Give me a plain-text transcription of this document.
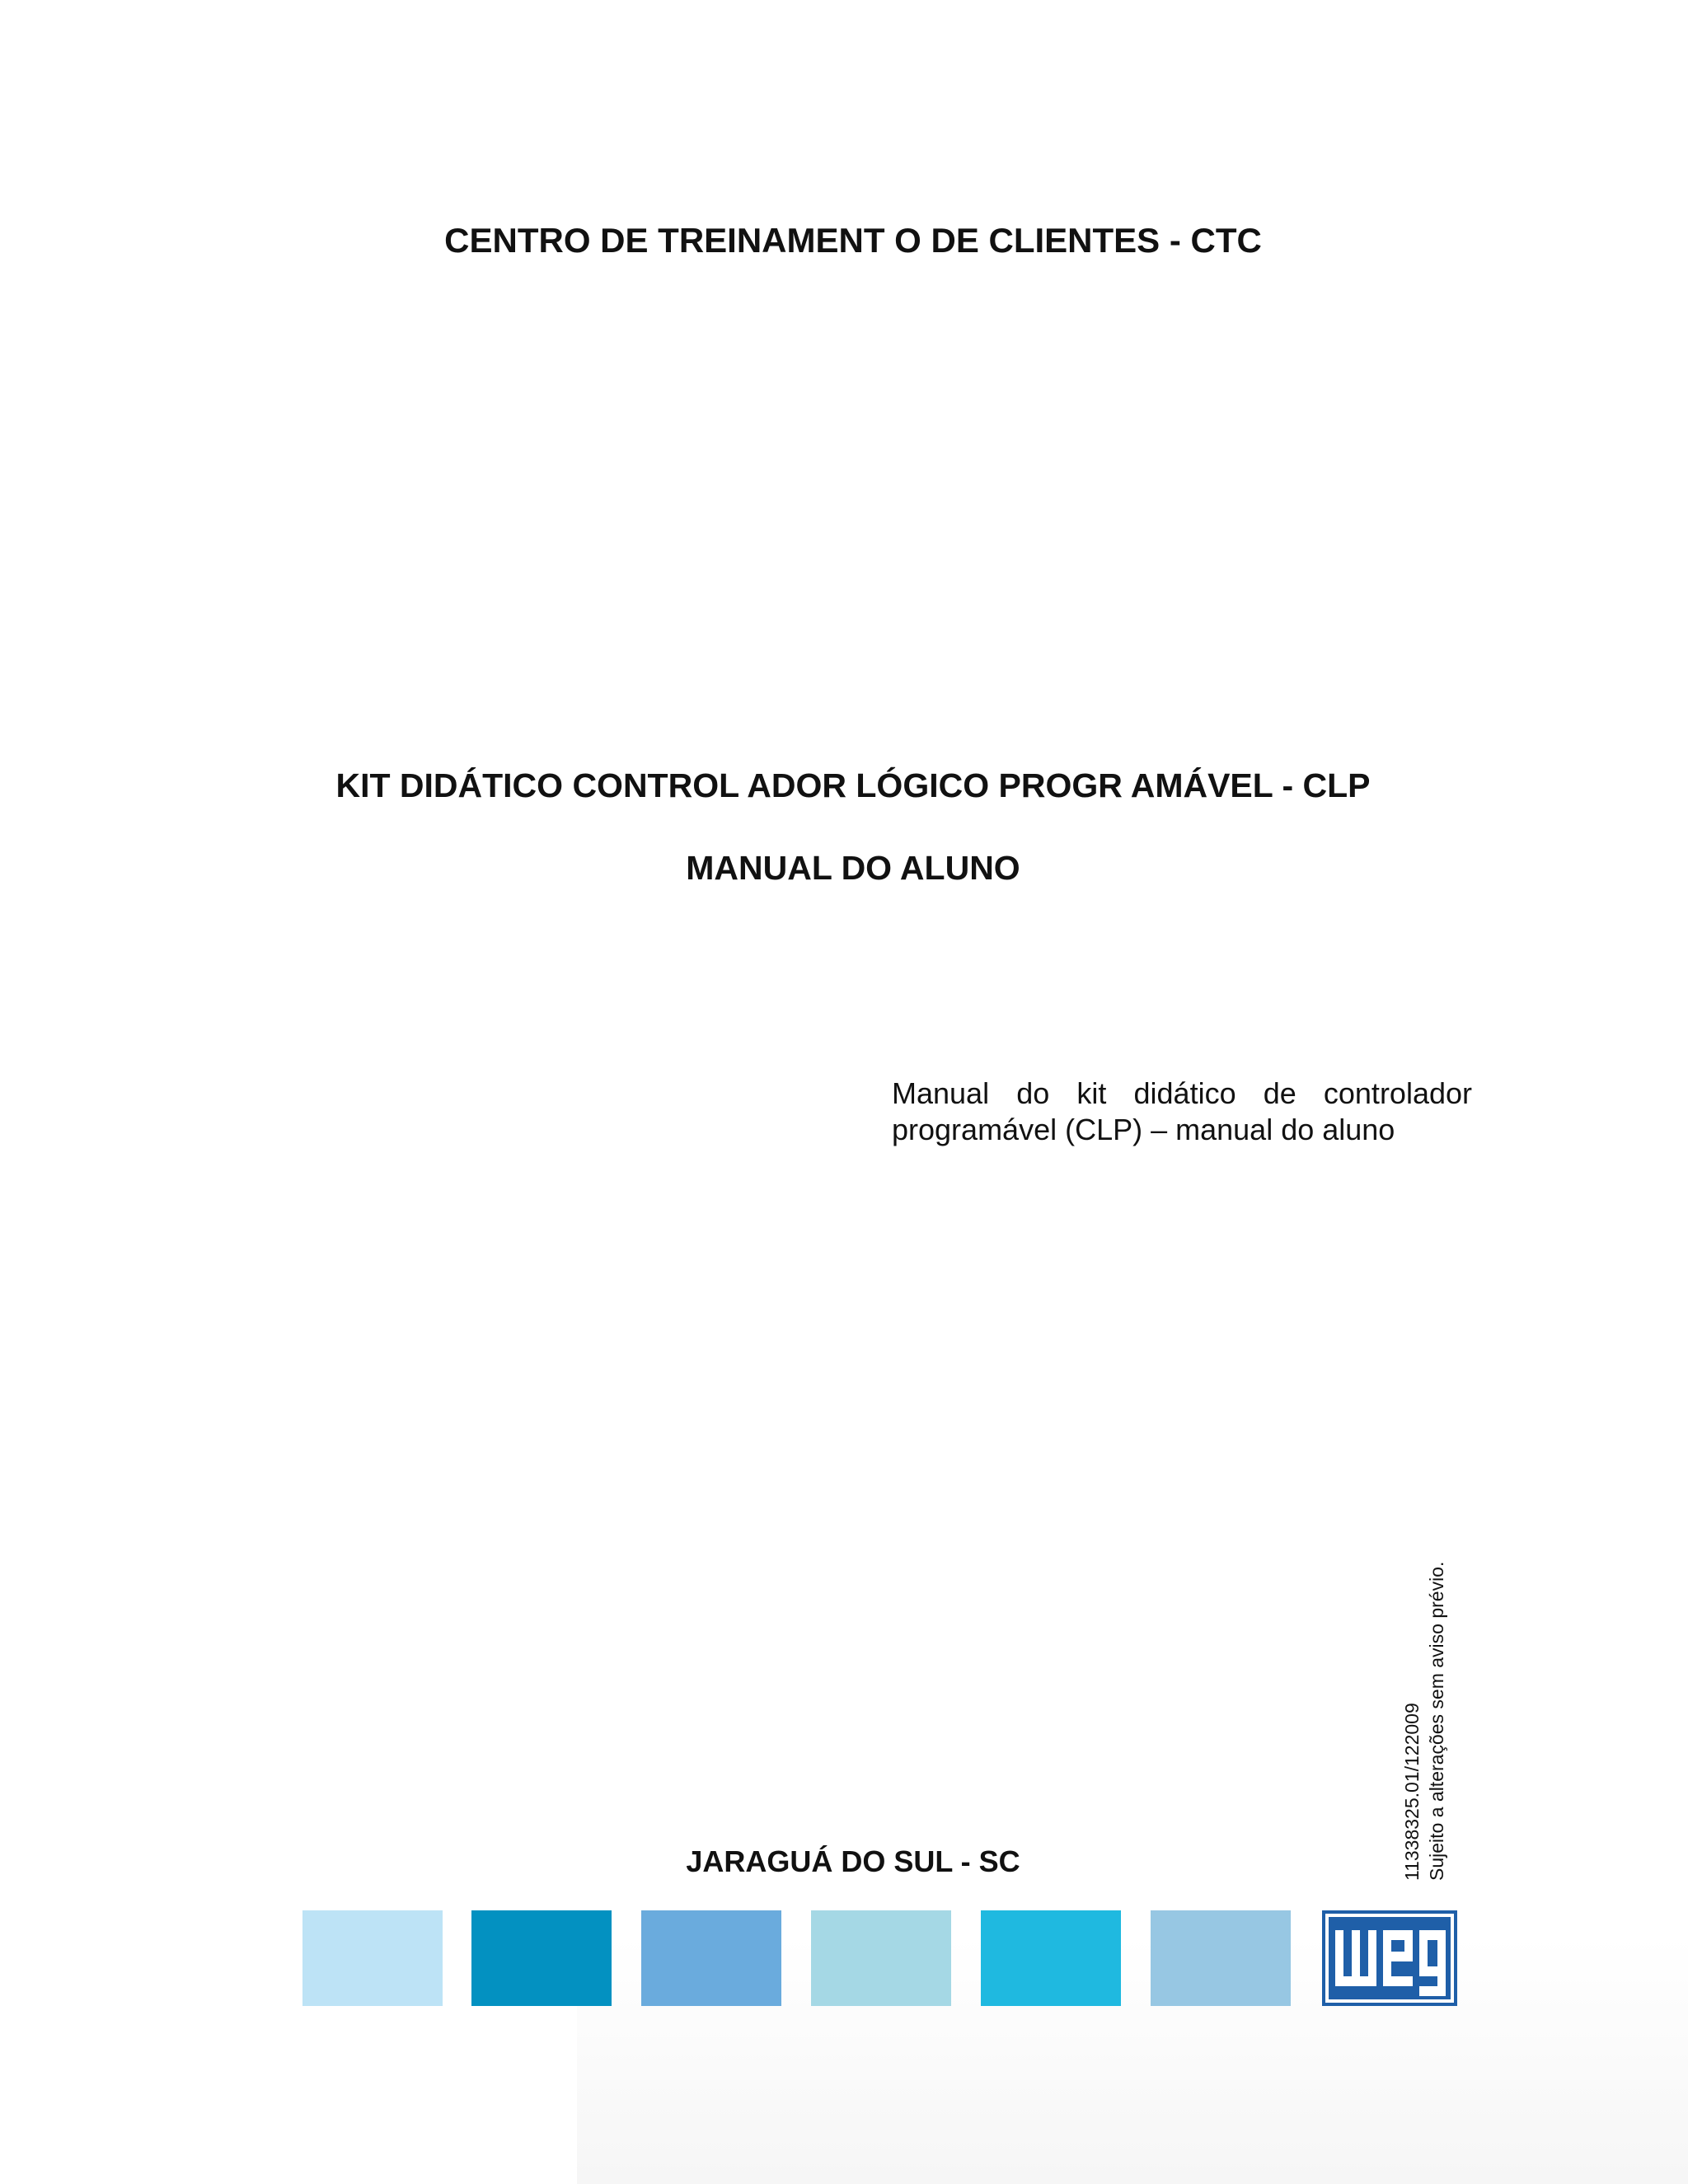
CENTRO DE TREINAMENT O DE CLIENTES - CTC
KIT DIDÁTICO CONTROL ADOR LÓGICO PROGR AMÁVEL - CLP
MANUAL DO ALUNO
Manual do kit didático de controlador programável (CLP) – manual do aluno
JARAGUÁ DO SUL - SC	11338325.01/122009 Sujeito a alterações sem aviso prévio.
